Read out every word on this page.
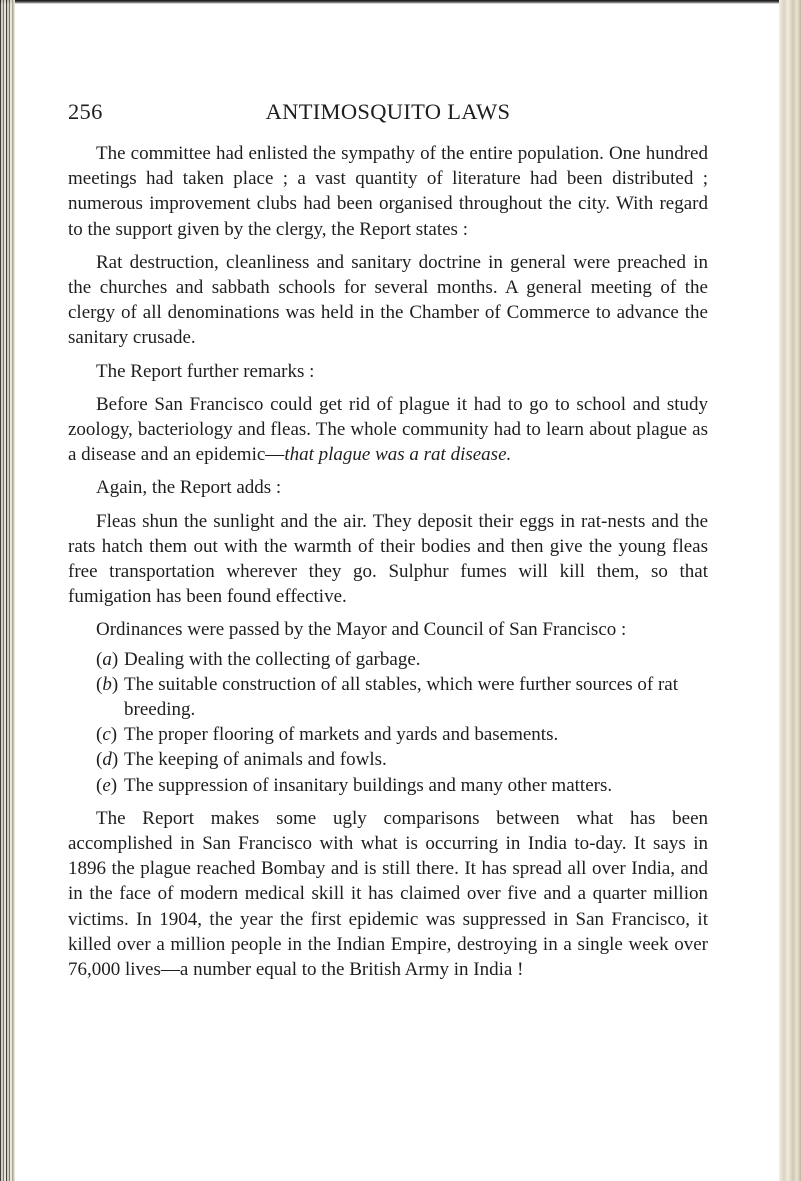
256	ANTIMOSQUITO LAWS

The committee had enlisted the sympathy of the entire population. One hundred meetings had taken place ; a vast quantity of literature had been distributed ; numerous improvement clubs had been organised throughout the city. With regard to the support given by the clergy, the Report states :

Rat destruction, cleanliness and sanitary doctrine in general were preached in the churches and sabbath schools for several months. A general meeting of the clergy of all denominations was held in the Chamber of Commerce to advance the sanitary crusade.

The Report further remarks :

Before San Francisco could get rid of plague it had to go to school and study zoology, bacteriology and fleas. The whole community had to learn about plague as a disease and an epidemic—that plague was a rat disease.

Again, the Report adds :

Fleas shun the sunlight and the air. They deposit their eggs in rat-nests and the rats hatch them out with the warmth of their bodies and then give the young fleas free transportation wherever they go. Sulphur fumes will kill them, so that fumigation has been found effective.

Ordinances were passed by the Mayor and Council of San Francisco :

(a) Dealing with the collecting of garbage.
(b) The suitable construction of all stables, which were further sources of rat breeding.
(c) The proper flooring of markets and yards and basements.
(d) The keeping of animals and fowls.
(e) The suppression of insanitary buildings and many other matters.

The Report makes some ugly comparisons between what has been accomplished in San Francisco with what is occurring in India to-day. It says in 1896 the plague reached Bombay and is still there. It has spread all over India, and in the face of modern medical skill it has claimed over five and a quarter million victims. In 1904, the year the first epidemic was suppressed in San Francisco, it killed over a million people in the Indian Empire, destroying in a single week over 76,000 lives—a number equal to the British Army in India !
